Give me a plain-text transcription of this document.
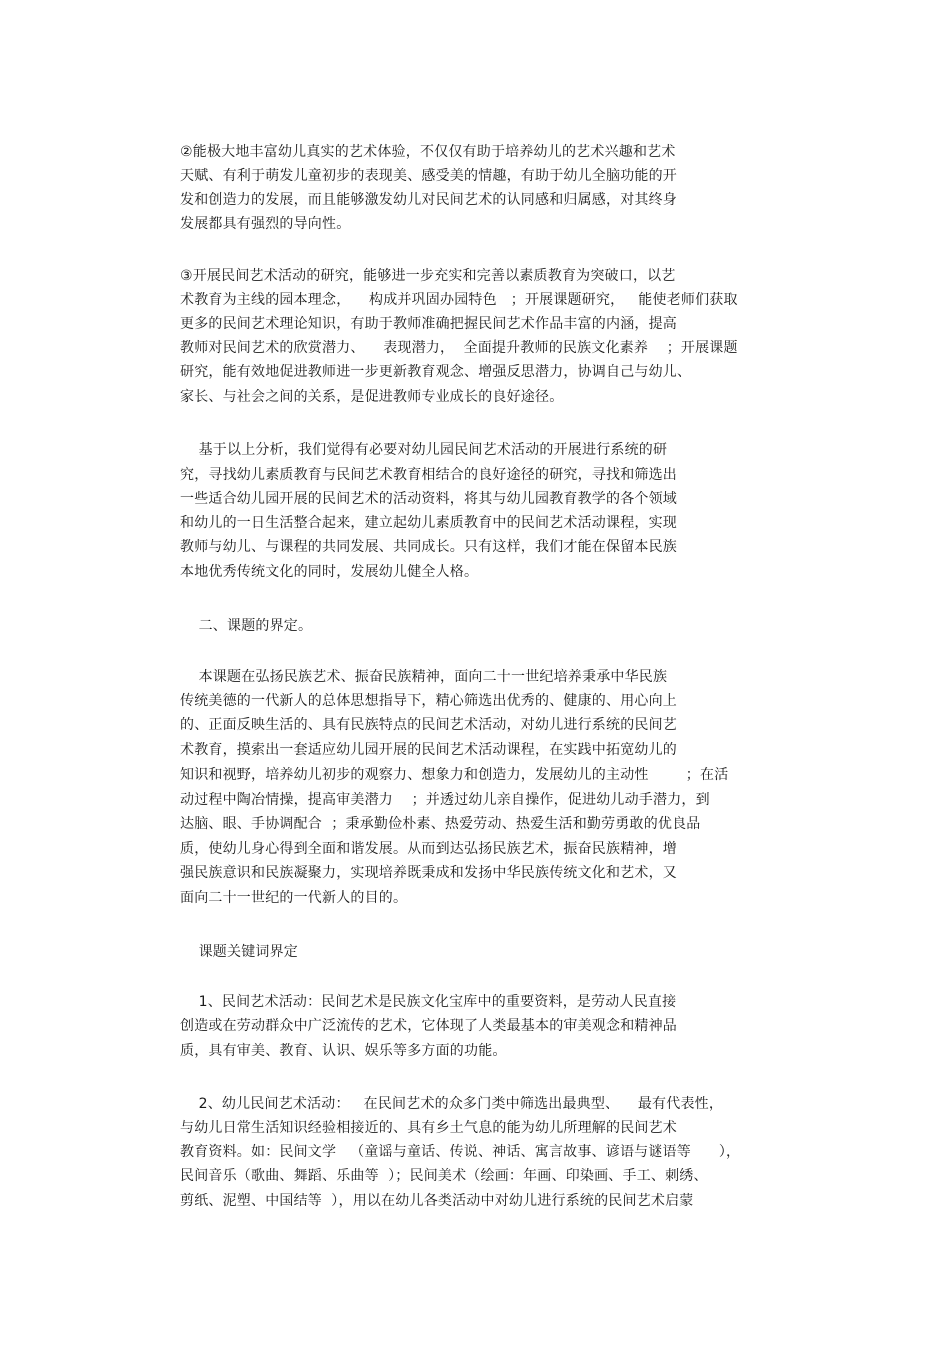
②能极大地丰富幼儿真实的艺术体验，不仅仅有助于培养幼儿的艺术兴趣和艺术
天赋、有利于萌发儿童初步的表现美、感受美的情趣，有助于幼儿全脑功能的开
发和创造力的发展，而且能够激发幼儿对民间艺术的认同感和归属感，对其终身
发展都具有强烈的导向性。
③开展民间艺术活动的研究，能够进一步充实和完善以素质教育为突破口，以艺
术教育为主线的园本理念，    构成并巩固办园特色   ；开展课题研究，   能使老师们获取
更多的民间艺术理论知识，有助于教师准确把握民间艺术作品丰富的内涵，提高
教师对民间艺术的欣赏潜力、    表现潜力，  全面提升教师的民族文化素养    ；开展课题
研究，能有效地促进教师进一步更新教育观念、增强反思潜力，协调自己与幼儿、
家长、与社会之间的关系，是促进教师专业成长的良好途径。
基于以上分析，我们觉得有必要对幼儿园民间艺术活动的开展进行系统的研
究，寻找幼儿素质教育与民间艺术教育相结合的良好途径的研究，寻找和筛选出
一些适合幼儿园开展的民间艺术的活动资料，将其与幼儿园教育教学的各个领域
和幼儿的一日生活整合起来，建立起幼儿素质教育中的民间艺术活动课程，实现
教师与幼儿、与课程的共同发展、共同成长。只有这样，我们才能在保留本民族
本地优秀传统文化的同时，发展幼儿健全人格。
二、课题的界定。
本课题在弘扬民族艺术、振奋民族精神，面向二十一世纪培养秉承中华民族
传统美德的一代新人的总体思想指导下，精心筛选出优秀的、健康的、用心向上
的、正面反映生活的、具有民族特点的民间艺术活动，对幼儿进行系统的民间艺
术教育，摸索出一套适应幼儿园开展的民间艺术活动课程，在实践中拓宽幼儿的
知识和视野，培养幼儿初步的观察力、想象力和创造力，发展幼儿的主动性        ；在活
动过程中陶冶情操，提高审美潜力    ；并透过幼儿亲自操作，促进幼儿动手潜力，到
达脑、眼、手协调配合  ；秉承勤俭朴素、热爱劳动、热爱生活和勤劳勇敢的优良品
质，使幼儿身心得到全面和谐发展。从而到达弘扬民族艺术，振奋民族精神，增
强民族意识和民族凝聚力，实现培养既秉成和发扬中华民族传统文化和艺术，又
面向二十一世纪的一代新人的目的。
课题关键词界定
1、民间艺术活动：民间艺术是民族文化宝库中的重要资料，是劳动人民直接
创造或在劳动群众中广泛流传的艺术，它体现了人类最基本的审美观念和精神品
质，具有审美、教育、认识、娱乐等多方面的功能。
2、幼儿民间艺术活动：   在民间艺术的众多门类中筛选出最典型、    最有代表性，
与幼儿日常生活知识经验相接近的、具有乡土气息的能为幼儿所理解的民间艺术
教育资料。如：民间文学   （童谣与童话、传说、神话、寓言故事、谚语与谜语等      ），
民间音乐（歌曲、舞蹈、乐曲等  ）；民间美术（绘画：年画、印染画、手工、刺绣、
剪纸、泥塑、中国结等  ），用以在幼儿各类活动中对幼儿进行系统的民间艺术启蒙
